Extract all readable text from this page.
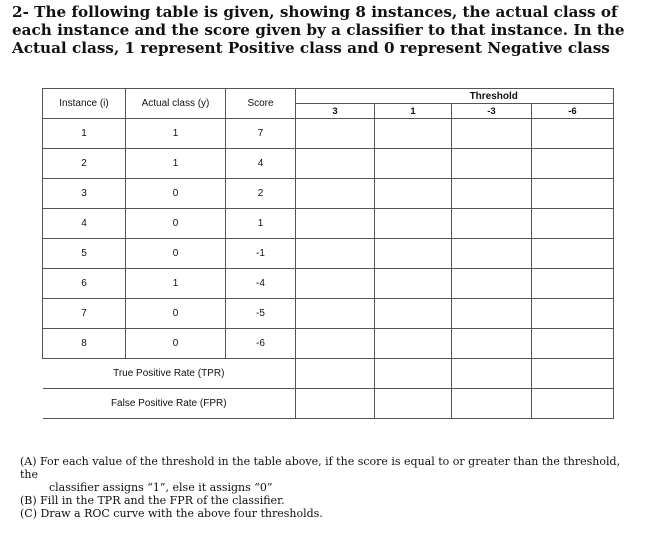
2- The following table is given, showing 8 instances, the actual class of each instance and the score given by a classifier to that instance. In the Actual class, 1 represent Positive class and 0 represent Negative class
Instance (i)	Actual class (y)	Score		Threshold		
			3	1	-3	-6
1	1	7				
2	1	4				
3	0	2				
4	0	1				
5	0	-1				
6	1	-4				
7	0	-5				
8	0	-6				
True Positive Rate (TPR)						
False Positive Rate (FPR)						

(A) For each value of the threshold in the table above, if the score is equal to or greater than the threshold, the
classifier assigns “1”, else it assigns “0”

(B) Fill in the TPR and the FPR of the classifier.

(C) Draw a ROC curve with the above four thresholds.
